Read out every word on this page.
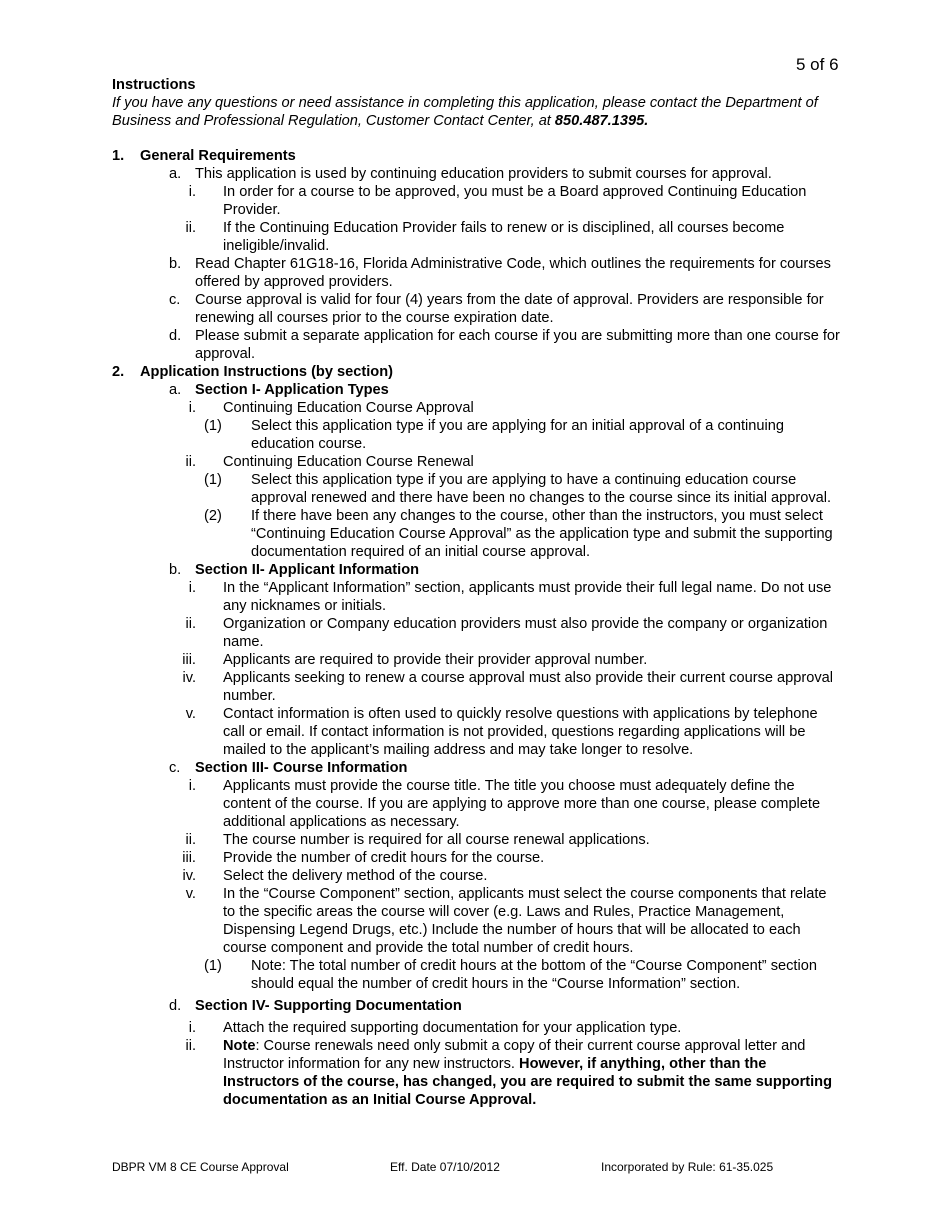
5 of 6
Instructions
If you have any questions or need assistance in completing this application, please contact the Department of Business and Professional Regulation, Customer Contact Center, at 850.487.1395.
1. General Requirements
a. This application is used by continuing education providers to submit courses for approval.
i. In order for a course to be approved, you must be a Board approved Continuing Education Provider.
ii. If the Continuing Education Provider fails to renew or is disciplined, all courses become ineligible/invalid.
b. Read Chapter 61G18-16, Florida Administrative Code, which outlines the requirements for courses offered by approved providers.
c. Course approval is valid for four (4) years from the date of approval. Providers are responsible for renewing all courses prior to the course expiration date.
d. Please submit a separate application for each course if you are submitting more than one course for approval.
2. Application Instructions (by section)
a. Section I- Application Types
i. Continuing Education Course Approval
(1) Select this application type if you are applying for an initial approval of a continuing education course.
ii. Continuing Education Course Renewal
(1) Select this application type if you are applying to have a continuing education course approval renewed and there have been no changes to the course since its initial approval.
(2) If there have been any changes to the course, other than the instructors, you must select “Continuing Education Course Approval” as the application type and submit the supporting documentation required of an initial course approval.
b. Section II- Applicant Information
i. In the “Applicant Information” section, applicants must provide their full legal name. Do not use any nicknames or initials.
ii. Organization or Company education providers must also provide the company or organization name.
iii. Applicants are required to provide their provider approval number.
iv. Applicants seeking to renew a course approval must also provide their current course approval number.
v. Contact information is often used to quickly resolve questions with applications by telephone call or email. If contact information is not provided, questions regarding applications will be mailed to the applicant’s mailing address and may take longer to resolve.
c. Section III- Course Information
i. Applicants must provide the course title. The title you choose must adequately define the content of the course. If you are applying to approve more than one course, please complete additional applications as necessary.
ii. The course number is required for all course renewal applications.
iii. Provide the number of credit hours for the course.
iv. Select the delivery method of the course.
v. In the “Course Component” section, applicants must select the course components that relate to the specific areas the course will cover (e.g. Laws and Rules, Practice Management, Dispensing Legend Drugs, etc.) Include the number of hours that will be allocated to each course component and provide the total number of credit hours.
(1) Note: The total number of credit hours at the bottom of the “Course Component” section should equal the number of credit hours in the “Course Information” section.
d. Section IV- Supporting Documentation
i. Attach the required supporting documentation for your application type.
ii. Note: Course renewals need only submit a copy of their current course approval letter and Instructor information for any new instructors. However, if anything, other than the Instructors of the course, has changed, you are required to submit the same supporting documentation as an Initial Course Approval.
DBPR VM 8 CE Course Approval	Eff. Date 07/10/2012	Incorporated by Rule: 61-35.025
